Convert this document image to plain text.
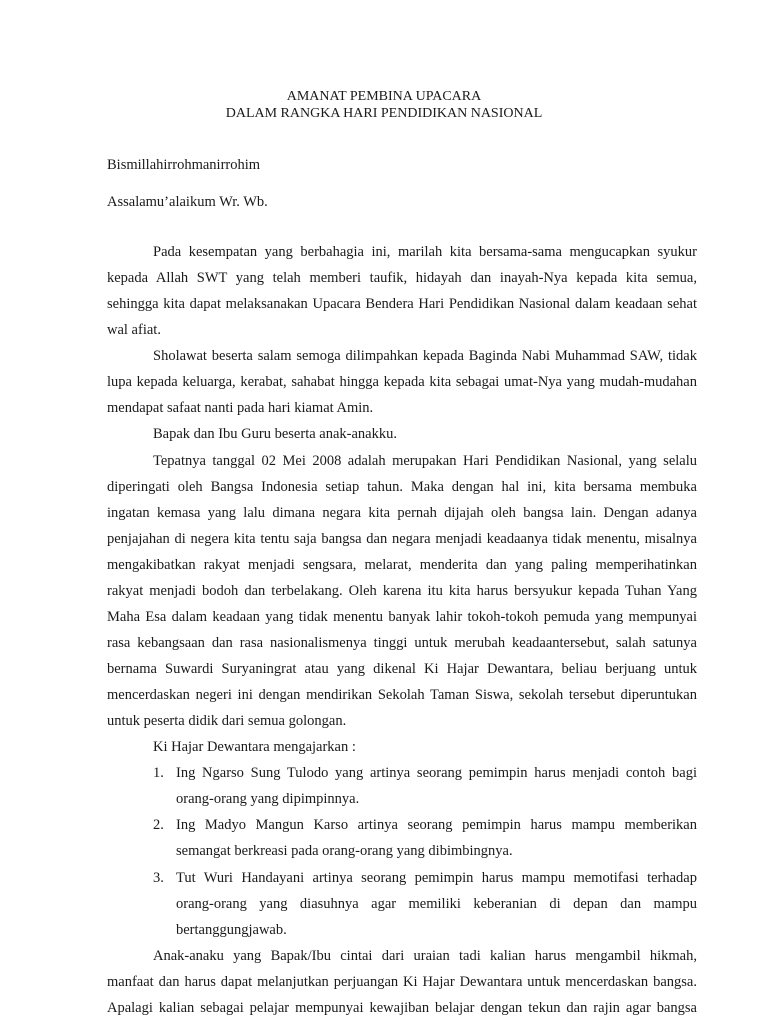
AMANAT PEMBINA UPACARA
DALAM RANGKA HARI PENDIDIKAN NASIONAL
Bismillahirrohmanirrohim
Assalamu’alaikum Wr. Wb.
Pada kesempatan yang berbahagia ini, marilah kita bersama-sama mengucapkan syukur
kepada Allah SWT yang telah memberi taufik, hidayah dan inayah-Nya kepada kita semua,
sehingga kita dapat melaksanakan Upacara Bendera Hari Pendidikan Nasional dalam keadaan sehat
wal afiat.
Sholawat beserta salam semoga dilimpahkan kepada Baginda Nabi Muhammad SAW, tidak
lupa kepada keluarga, kerabat, sahabat hingga kepada kita sebagai umat-Nya yang mudah-mudahan
mendapat safaat nanti pada hari kiamat Amin.
Bapak dan Ibu Guru beserta anak-anakku.
Tepatnya tanggal 02 Mei 2008 adalah merupakan Hari Pendidikan Nasional, yang selalu
diperingati oleh Bangsa Indonesia setiap tahun. Maka dengan hal ini, kita bersama membuka
ingatan kemasa yang lalu dimana negara kita pernah dijajah oleh bangsa lain. Dengan adanya
penjajahan di negera kita tentu saja bangsa dan negara menjadi keadaanya tidak menentu, misalnya
mengakibatkan rakyat menjadi sengsara, melarat, menderita dan yang paling memperihatinkan
rakyat menjadi bodoh dan terbelakang. Oleh karena itu kita harus bersyukur kepada Tuhan Yang
Maha Esa dalam keadaan yang tidak menentu banyak lahir tokoh-tokoh pemuda yang mempunyai
rasa kebangsaan dan rasa nasionalismenya tinggi untuk merubah keadaantersebut, salah satunya
bernama Suwardi Suryaningrat atau yang dikenal Ki Hajar Dewantara, beliau berjuang untuk
mencerdaskan negeri ini dengan mendirikan Sekolah Taman Siswa, sekolah tersebut diperuntukan
untuk peserta didik dari semua golongan.
Ki Hajar Dewantara mengajarkan :
1. Ing Ngarso Sung Tulodo yang artinya seorang pemimpin harus menjadi contoh bagi
orang-orang yang dipimpinnya.
2. Ing Madyo Mangun Karso artinya seorang pemimpin harus mampu memberikan
semangat berkreasi pada orang-orang yang dibimbingnya.
3. Tut Wuri Handayani artinya seorang pemimpin harus mampu memotifasi terhadap
orang-orang yang diasuhnya agar memiliki keberanian di depan dan mampu
bertanggungjawab.
Anak-anaku yang Bapak/Ibu cintai dari uraian tadi kalian harus mengambil hikmah,
manfaat dan harus dapat melanjutkan perjuangan Ki Hajar Dewantara untuk mencerdaskan bangsa.
Apalagi kalian sebagai pelajar mempunyai kewajiban belajar dengan tekun dan rajin agar bangsa
